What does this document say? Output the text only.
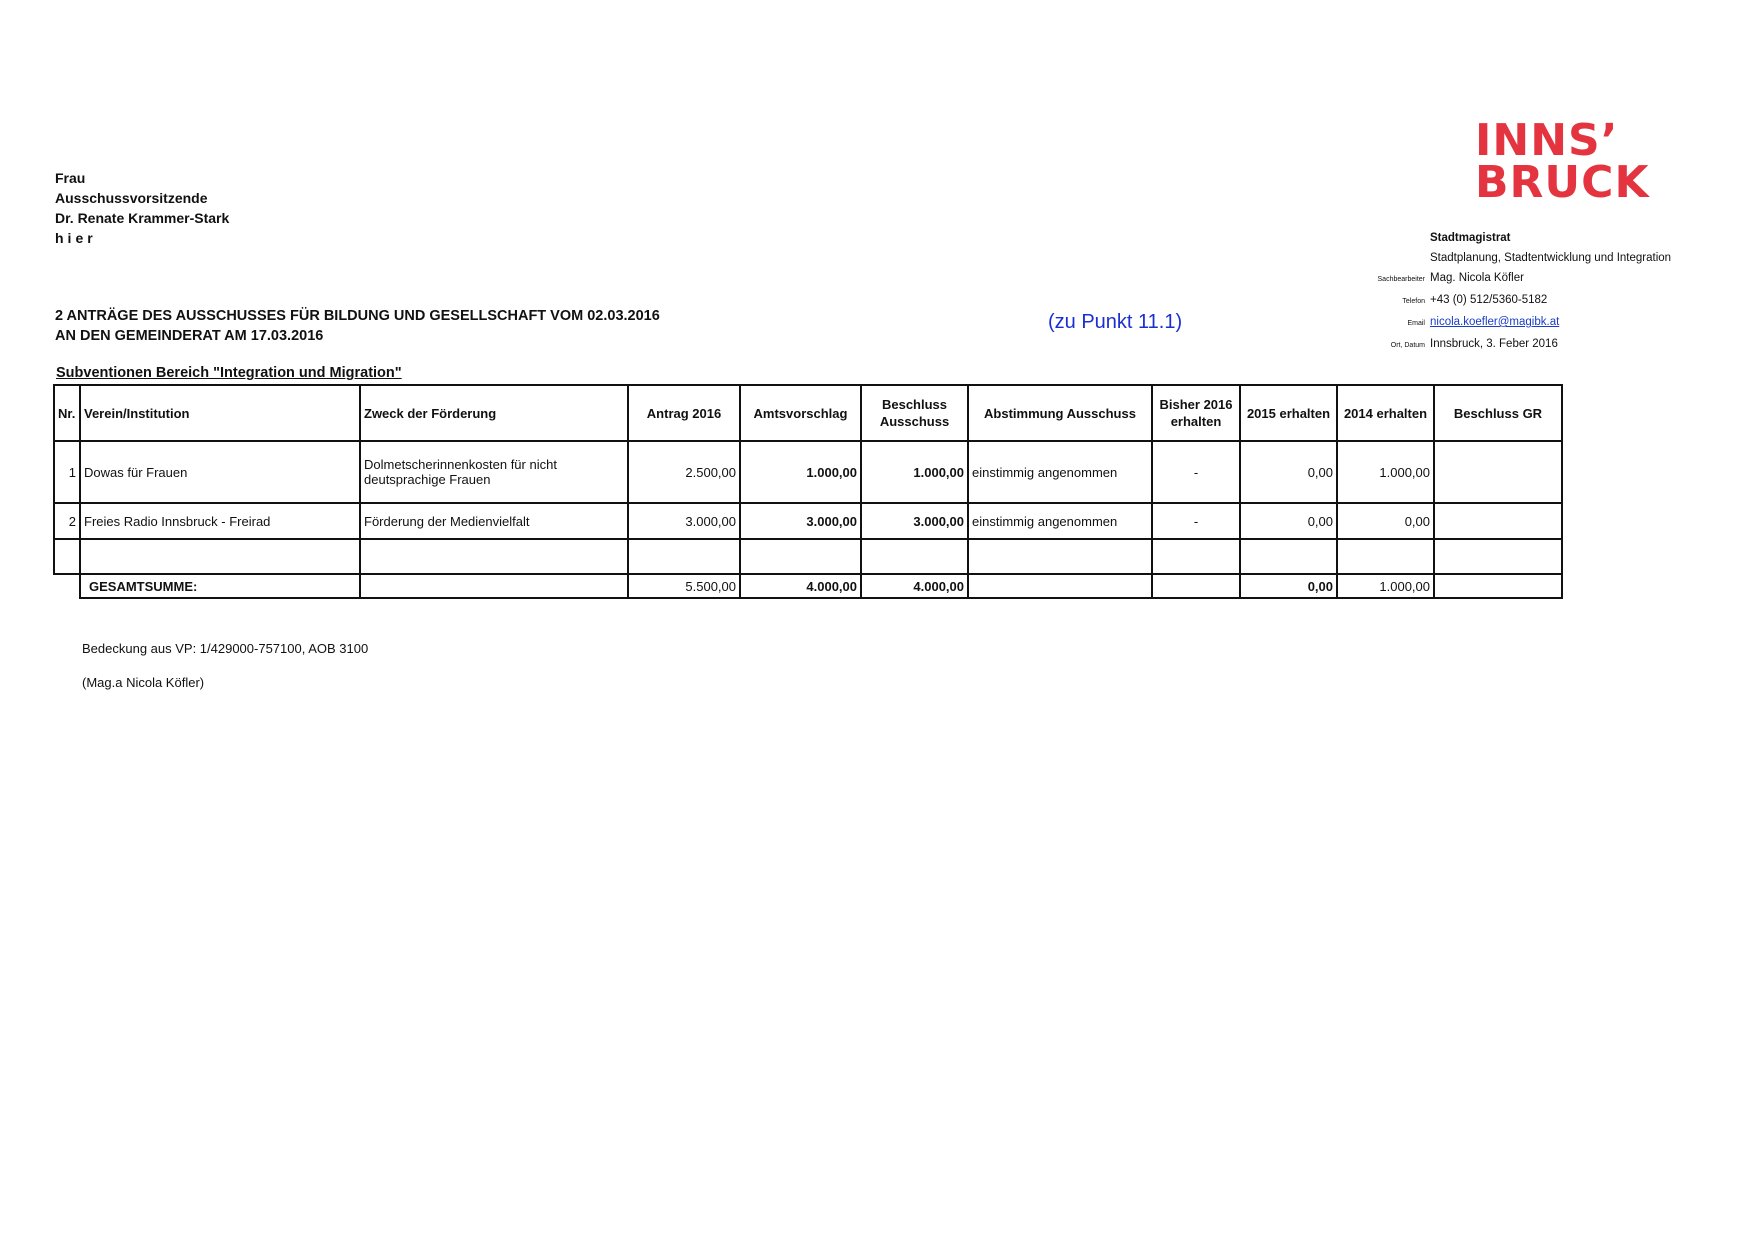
Frau
Ausschussvorsitzende
Dr. Renate Krammer-Stark
hier
INNS’
BRUCK
Stadtmagistrat
Stadtplanung, Stadtentwicklung und Integration
Sachbearbeiter Mag. Nicola Köfler
Telefon +43 (0) 512/5360-5182
Email nicola.koefler@magibk.at
Ort, Datum Innsbruck, 3. Feber 2016
2 ANTRÄGE DES AUSSCHUSSES FÜR BILDUNG UND GESELLSCHAFT VOM 02.03.2016
AN DEN GEMEINDERAT AM 17.03.2016
(zu Punkt 11.1)
Subventionen Bereich "Integration und Migration"
Nr.	Verein/Institution	Zweck der Förderung	Antrag 2016	Amtsvorschlag	Beschluss Ausschuss	Abstimmung Ausschuss	Bisher 2016 erhalten	2015 erhalten	2014 erhalten	Beschluss GR
1	Dowas für Frauen	Dolmetscherinnenkosten für nicht deutsprachige Frauen	2.500,00	1.000,00	1.000,00	einstimmig angenommen	-	0,00	1.000,00	
2	Freies Radio Innsbruck - Freirad	Förderung der Medienvielfalt	3.000,00	3.000,00	3.000,00	einstimmig angenommen	-	0,00	0,00	

	GESAMTSUMME:		5.500,00	4.000,00	4.000,00			0,00	1.000,00	
Bedeckung aus VP: 1/429000-757100, AOB 3100
(Mag.a Nicola Köfler)
